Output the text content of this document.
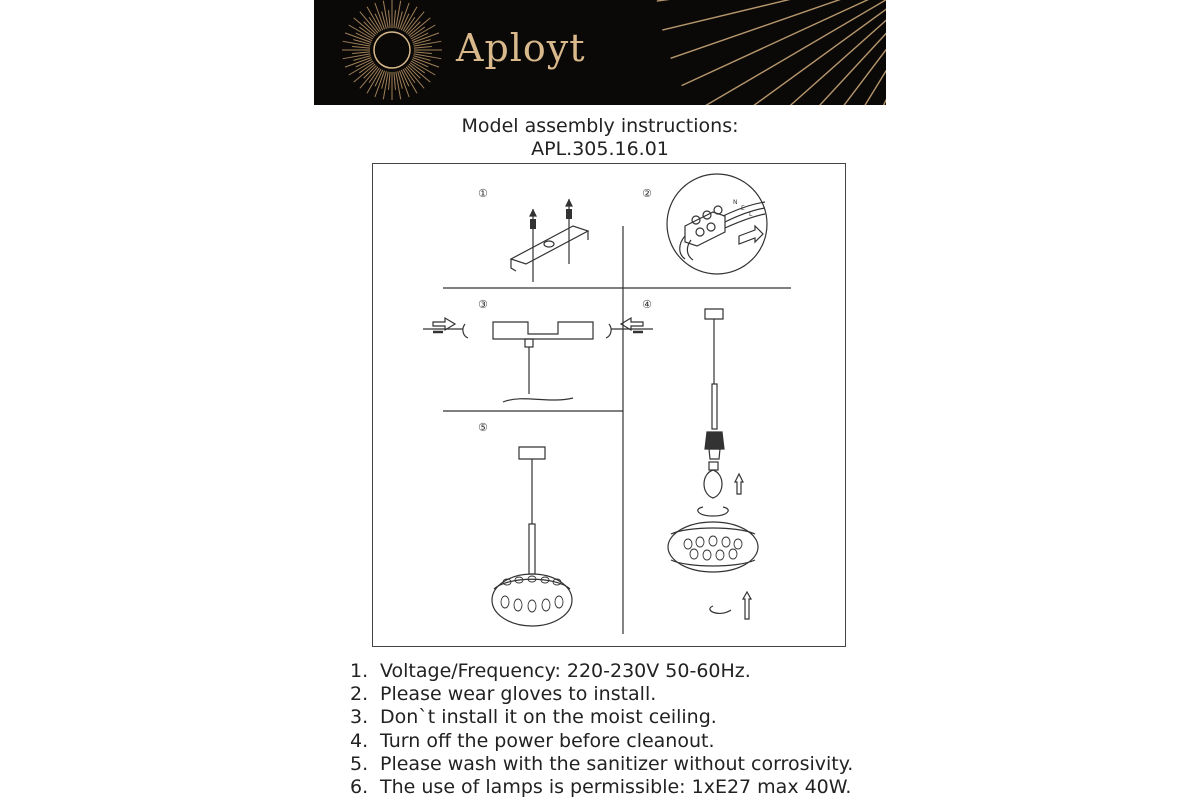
Aployt
Model assembly instructions:
APL.305.16.01
①	②
③	④
⑤
N
E
L
1. Voltage/Frequency: 220-230V 50-60Hz.
2. Please wear gloves to install.
3. Don`t install it on the moist ceiling.
4. Turn off the power before cleanout.
5. Please wash with the sanitizer without corrosivity.
6. The use of lamps is permissible: 1xE27 max 40W.
